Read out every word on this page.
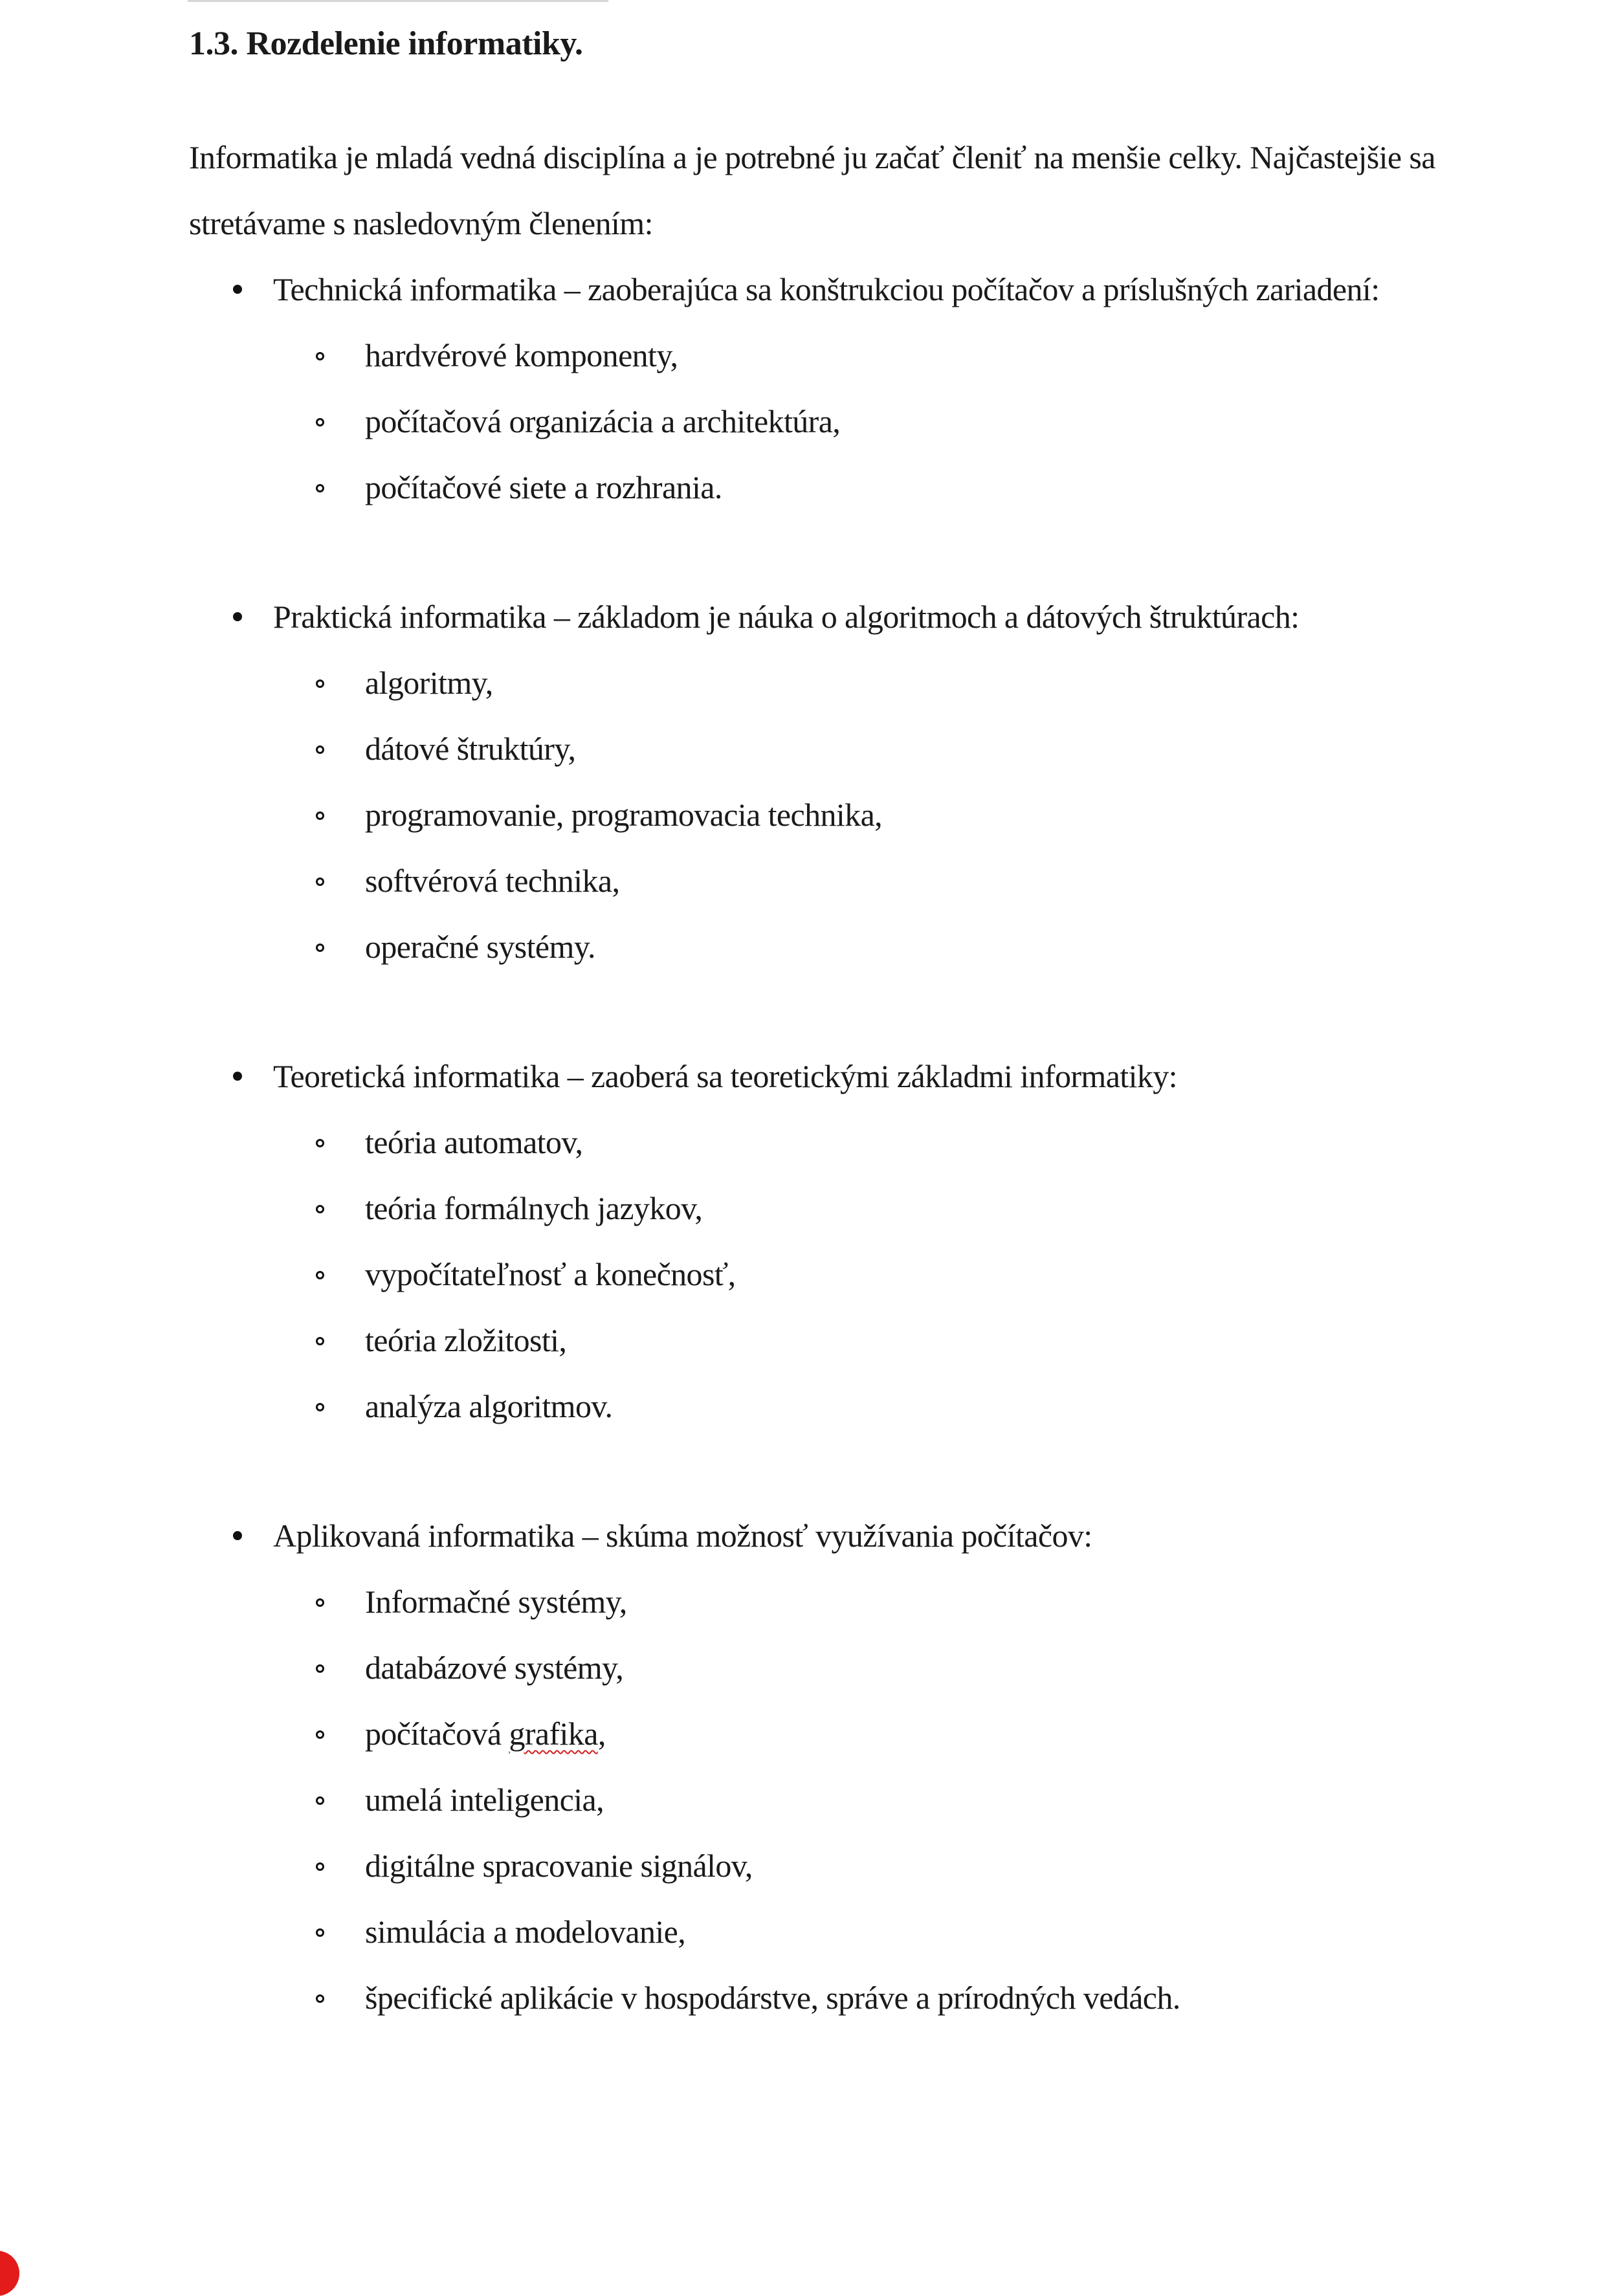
1.3. Rozdelenie informatiky.

Informatika je mladá vedná disciplína a je potrebné ju začať členiť na menšie celky. Najčastejšie sa
stretávame s nasledovným členením:

Technická informatika – zaoberajúca sa konštrukciou počítačov a príslušných zariadení:
hardvérové komponenty,
počítačová organizácia a architektúra,
počítačové siete a rozhrania.
Praktická informatika – základom je náuka o algoritmoch a dátových štruktúrach:
algoritmy,
dátové štruktúry,
programovanie, programovacia technika,
softvérová technika,
operačné systémy.
Teoretická informatika – zaoberá sa teoretickými základmi informatiky:
teória automatov,
teória formálnych jazykov,
vypočítateľnosť a konečnosť,
teória zložitosti,
analýza algoritmov.
Aplikovaná informatika – skúma možnosť využívania počítačov:
Informačné systémy,
databázové systémy,
počítačová grafika,
umelá inteligencia,
digitálne spracovanie signálov,
simulácia a modelovanie,
špecifické aplikácie v hospodárstve, správe a prírodných vedách.
